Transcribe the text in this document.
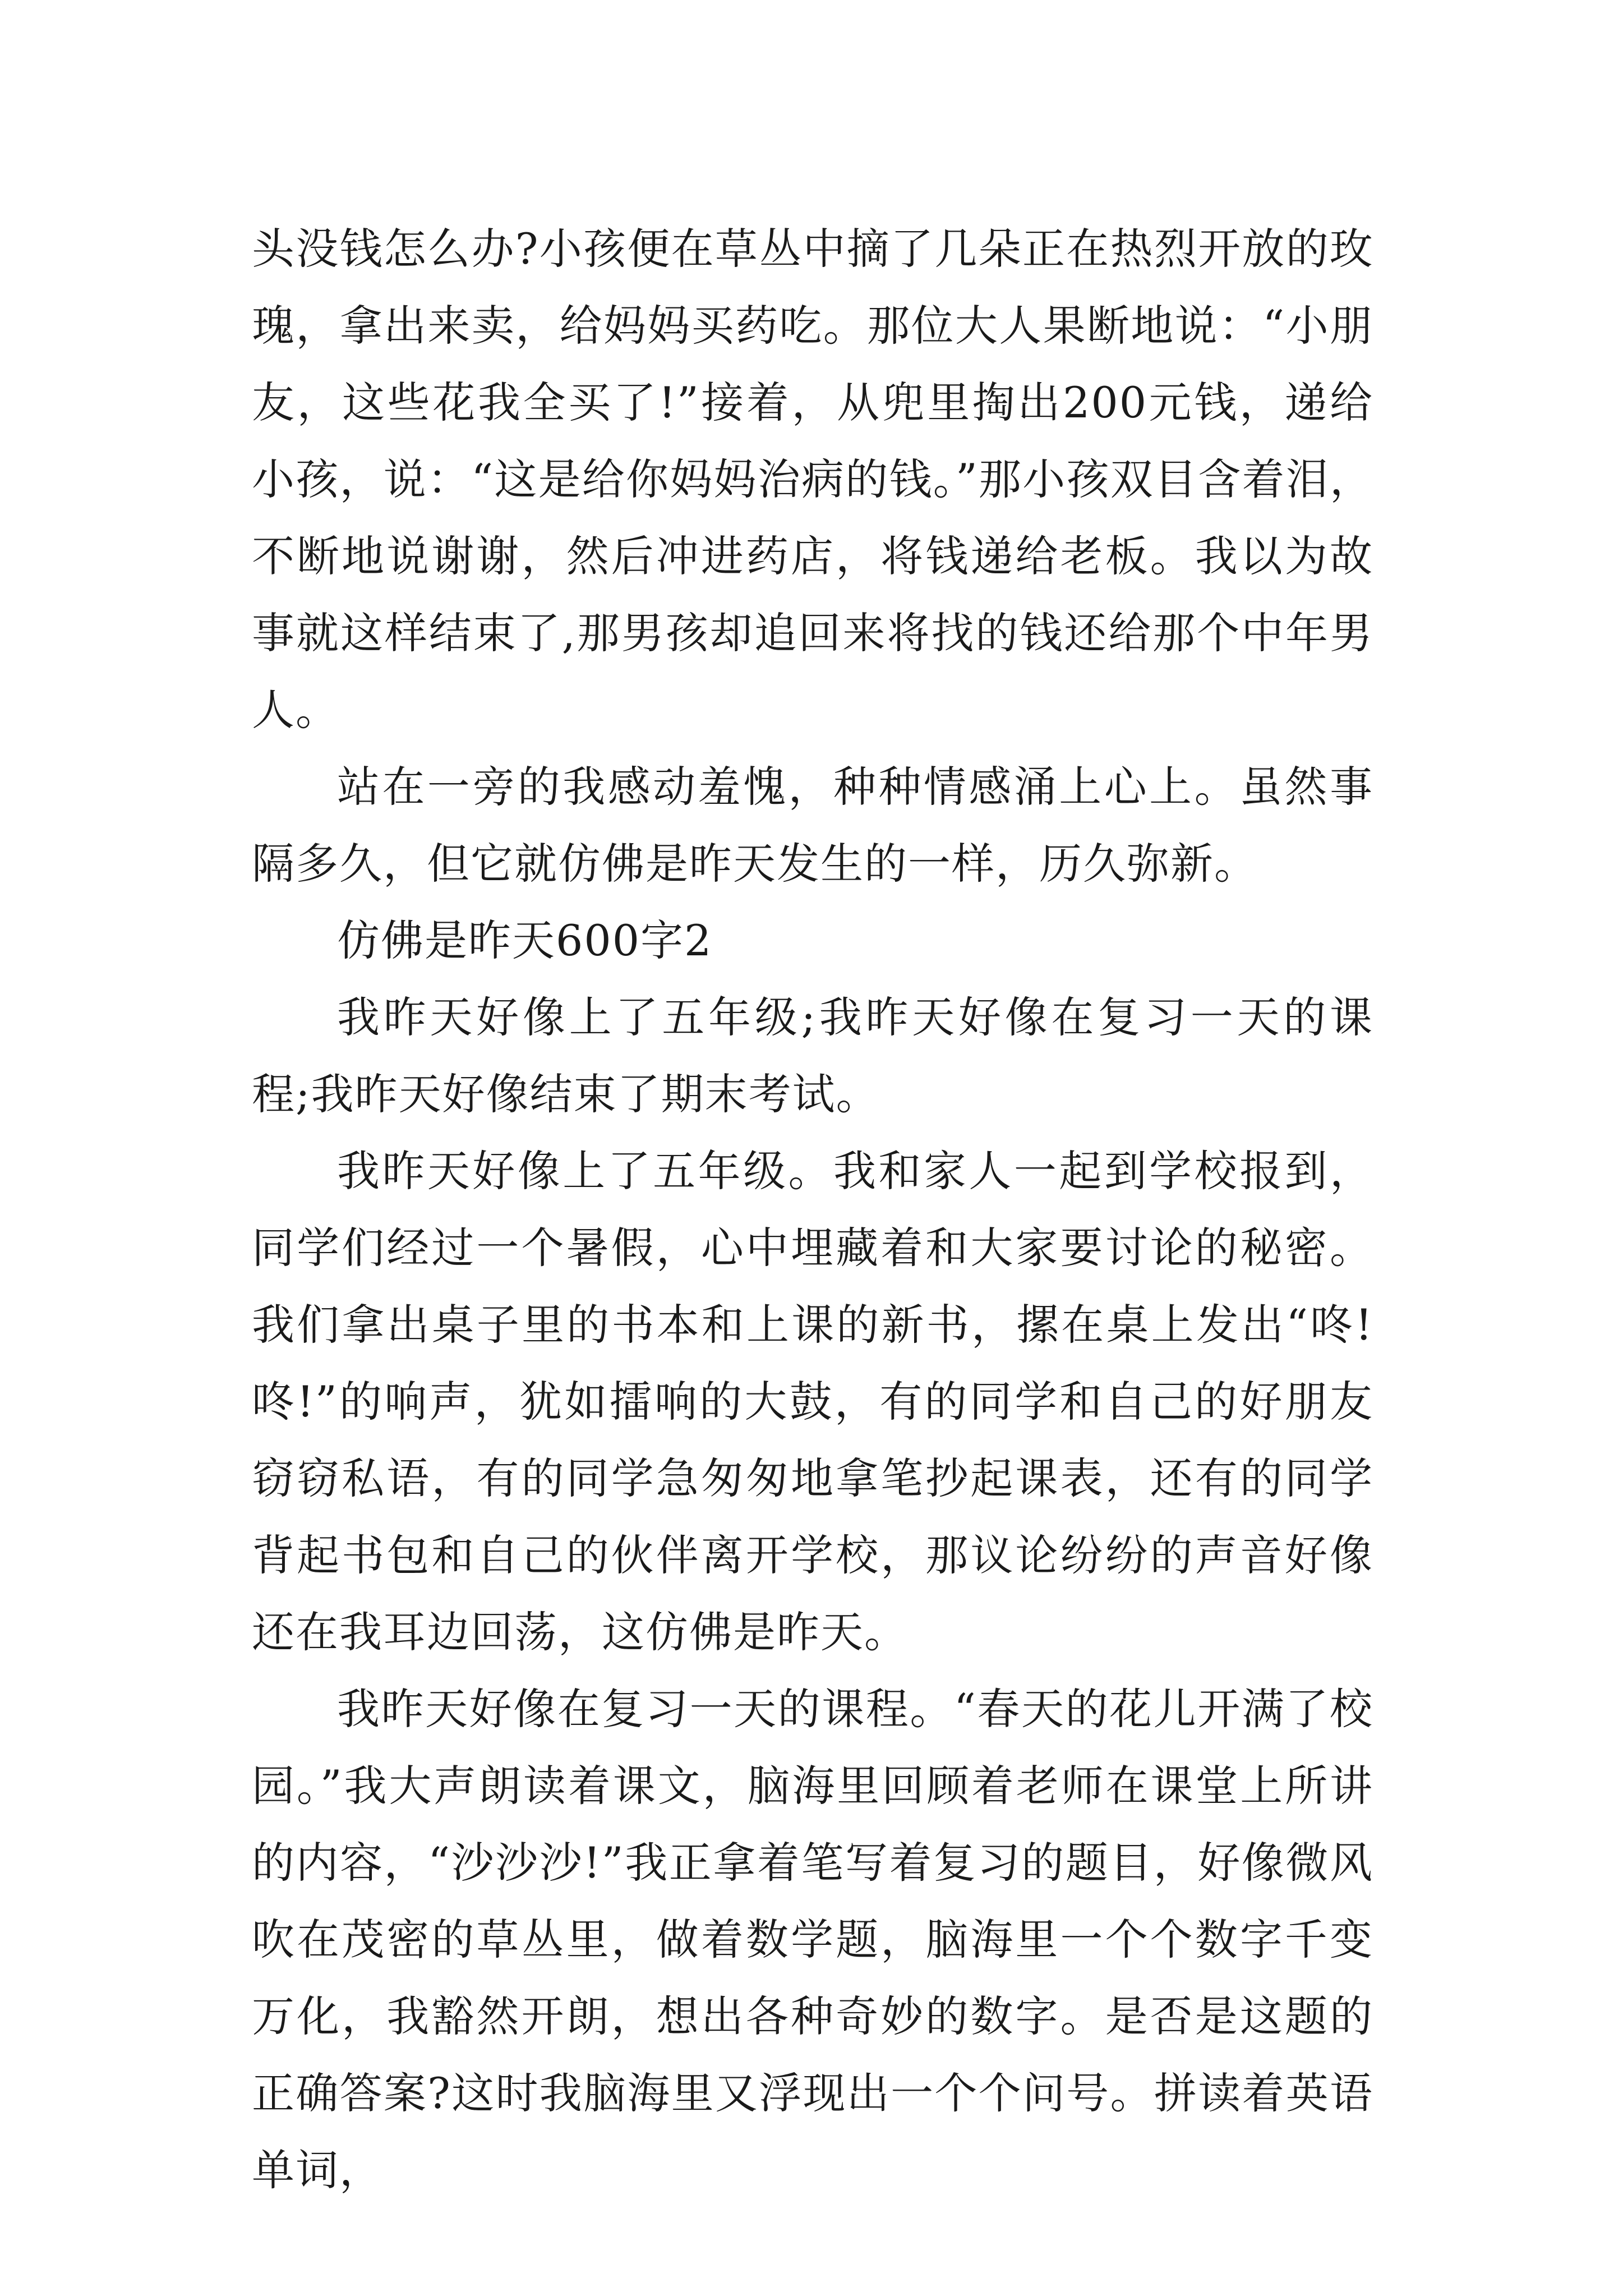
头没钱怎么办?小孩便在草丛中摘了几朵正在热烈开放的玫瑰，拿出来卖，给妈妈买药吃。那位大人果断地说：“小朋友，这些花我全买了!”接着，从兜里掏出200元钱，递给小孩，说：“这是给你妈妈治病的钱。”那小孩双目含着泪，不断地说谢谢，然后冲进药店，将钱递给老板。我以为故事就这样结束了,那男孩却追回来将找的钱还给那个中年男人。

站在一旁的我感动羞愧，种种情感涌上心上。虽然事隔多久，但它就仿佛是昨天发生的一样，历久弥新。

仿佛是昨天600字2

我昨天好像上了五年级;我昨天好像在复习一天的课程;我昨天好像结束了期末考试。

我昨天好像上了五年级。我和家人一起到学校报到，同学们经过一个暑假，心中埋藏着和大家要讨论的秘密。我们拿出桌子里的书本和上课的新书，摞在桌上发出“咚!咚!”的响声，犹如擂响的大鼓，有的同学和自己的好朋友窃窃私语，有的同学急匆匆地拿笔抄起课表，还有的同学背起书包和自己的伙伴离开学校，那议论纷纷的声音好像还在我耳边回荡，这仿佛是昨天。

我昨天好像在复习一天的课程。“春天的花儿开满了校园。”我大声朗读着课文，脑海里回顾着老师在课堂上所讲的内容，“沙沙沙!”我正拿着笔写着复习的题目，好像微风吹在茂密的草丛里，做着数学题，脑海里一个个数字千变万化，我豁然开朗，想出各种奇妙的数字。是否是这题的正确答案?这时我脑海里又浮现出一个个问号。拼读着英语单词，
